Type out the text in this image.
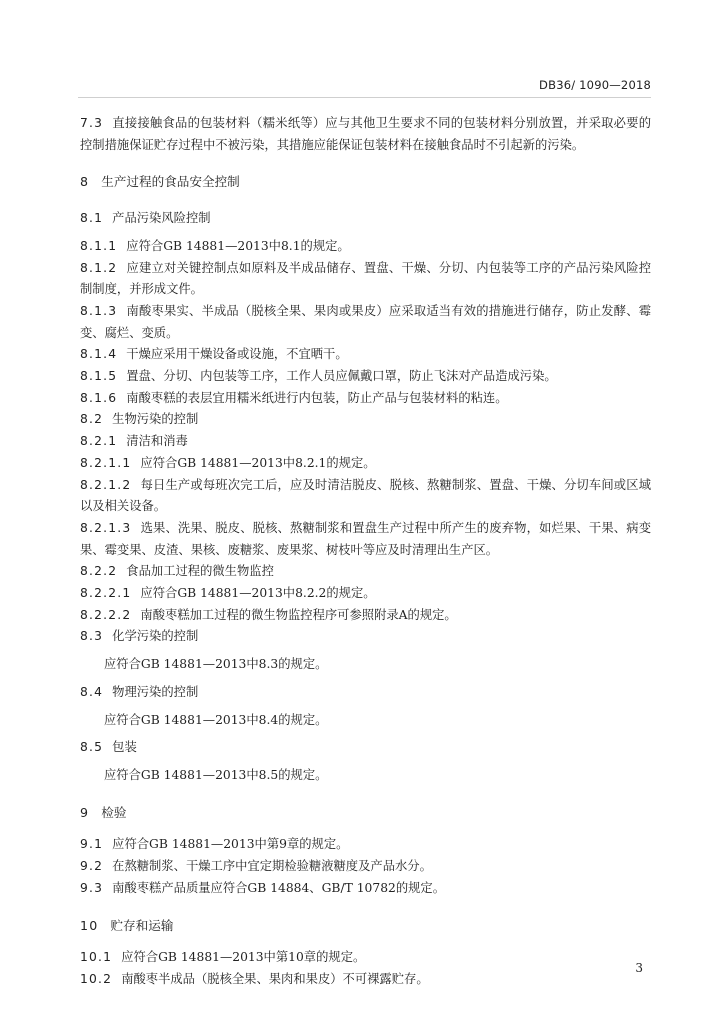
DB36/ 1090—2018

7.3 直接接触食品的包装材料（糯米纸等）应与其他卫生要求不同的包装材料分别放置，并采取必要的控制措施保证贮存过程中不被污染，其措施应能保证包装材料在接触食品时不引起新的污染。

8 生产过程的食品安全控制

8.1 产品污染风险控制

8.1.1 应符合GB 14881—2013中8.1的规定。

8.1.2 应建立对关键控制点如原料及半成品储存、置盘、干燥、分切、内包装等工序的产品污染风险控制制度，并形成文件。

8.1.3 南酸枣果实、半成品（脱核全果、果肉或果皮）应采取适当有效的措施进行储存，防止发酵、霉变、腐烂、变质。

8.1.4 干燥应采用干燥设备或设施，不宜晒干。

8.1.5 置盘、分切、内包装等工序，工作人员应佩戴口罩，防止飞沫对产品造成污染。

8.1.6 南酸枣糕的表层宜用糯米纸进行内包装，防止产品与包装材料的粘连。

8.2 生物污染的控制

8.2.1 清洁和消毒

8.2.1.1 应符合GB 14881—2013中8.2.1的规定。

8.2.1.2 每日生产或每班次完工后，应及时清洁脱皮、脱核、熬糖制浆、置盘、干燥、分切车间或区域以及相关设备。

8.2.1.3 选果、洗果、脱皮、脱核、熬糖制浆和置盘生产过程中所产生的废弃物，如烂果、干果、病变果、霉变果、皮渣、果核、废糖浆、废果浆、树枝叶等应及时清理出生产区。

8.2.2 食品加工过程的微生物监控

8.2.2.1 应符合GB 14881—2013中8.2.2的规定。

8.2.2.2 南酸枣糕加工过程的微生物监控程序可参照附录A的规定。

8.3 化学污染的控制

应符合GB 14881—2013中8.3的规定。

8.4 物理污染的控制

应符合GB 14881—2013中8.4的规定。

8.5 包装

应符合GB 14881—2013中8.5的规定。

9 检验

9.1 应符合GB 14881—2013中第9章的规定。

9.2 在熬糖制浆、干燥工序中宜定期检验糖液糖度及产品水分。

9.3 南酸枣糕产品质量应符合GB 14884、GB/T 10782的规定。

10 贮存和运输

10.1 应符合GB 14881—2013中第10章的规定。

10.2 南酸枣半成品（脱核全果、果肉和果皮）不可裸露贮存。

3
